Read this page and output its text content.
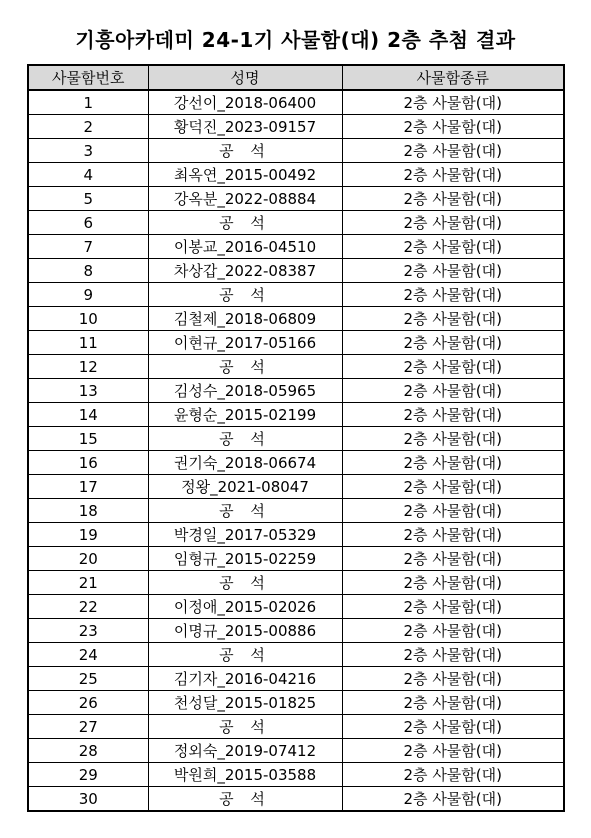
기흥아카데미 24-1기 사물함(대) 2층 추첨 결과
사물함번호	성명	사물함종류
1	강선이_2018-06400	2층 사물함(대)
2	황덕진_2023-09157	2층 사물함(대)
3	공 석	2층 사물함(대)
4	최옥연_2015-00492	2층 사물함(대)
5	강옥분_2022-08884	2층 사물함(대)
6	공 석	2층 사물함(대)
7	이봉교_2016-04510	2층 사물함(대)
8	차상갑_2022-08387	2층 사물함(대)
9	공 석	2층 사물함(대)
10	김철제_2018-06809	2층 사물함(대)
11	이현규_2017-05166	2층 사물함(대)
12	공 석	2층 사물함(대)
13	김성수_2018-05965	2층 사물함(대)
14	윤형순_2015-02199	2층 사물함(대)
15	공 석	2층 사물함(대)
16	권기숙_2018-06674	2층 사물함(대)
17	정왕_2021-08047	2층 사물함(대)
18	공 석	2층 사물함(대)
19	박경일_2017-05329	2층 사물함(대)
20	임형규_2015-02259	2층 사물함(대)
21	공 석	2층 사물함(대)
22	이정애_2015-02026	2층 사물함(대)
23	이명규_2015-00886	2층 사물함(대)
24	공 석	2층 사물함(대)
25	김기자_2016-04216	2층 사물함(대)
26	천성달_2015-01825	2층 사물함(대)
27	공 석	2층 사물함(대)
28	정외숙_2019-07412	2층 사물함(대)
29	박원희_2015-03588	2층 사물함(대)
30	공 석	2층 사물함(대)
